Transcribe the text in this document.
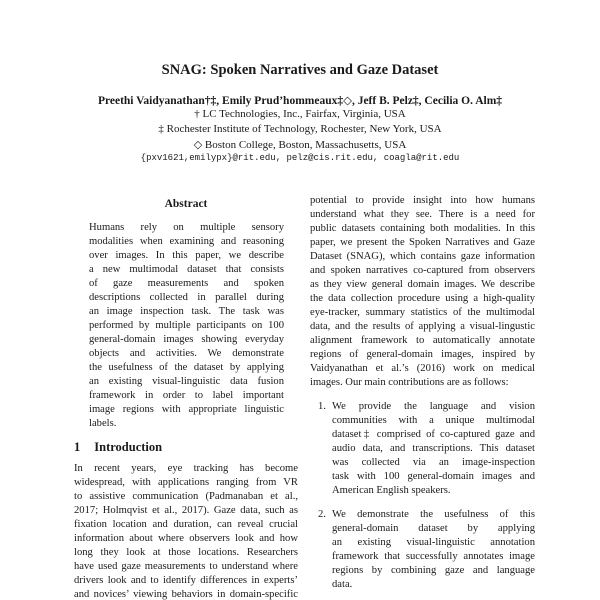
SNAG: Spoken Narratives and Gaze Dataset
Preethi Vaidyanathan†‡, Emily Prud’hommeaux‡◇, Jeff B. Pelz‡, Cecilia O. Alm‡
† LC Technologies, Inc., Fairfax, Virginia, USA
‡ Rochester Institute of Technology, Rochester, New York, USA
◇ Boston College, Boston, Massachusetts, USA
{pxv1621,emilypx}@rit.edu, pelz@cis.rit.edu, coagla@rit.edu
Abstract
Humans rely on multiple sensory
modalities when examining and reasoning
over images. In this paper, we describe
a new multimodal dataset that consists
of gaze measurements and spoken
descriptions collected in parallel during
an image inspection task. The task was
performed by multiple participants on 100
general-domain images showing everyday
objects and activities. We demonstrate
the usefulness of the dataset by applying
an existing visual-linguistic data fusion
framework in order to label important
image regions with appropriate linguistic
labels.
1 Introduction
In recent years, eye tracking has become
widespread, with applications ranging from VR
to assistive communication (Padmanaban et al.,
2017; Holmqvist et al., 2017). Gaze data, such as
fixation location and duration, can reveal crucial
information about where observers look and how
long they look at those locations. Researchers
have used gaze measurements to understand where
drivers look and to identify differences in experts’
and novices’ viewing behaviors in domain-specific
potential to provide insight into how humans
understand what they see. There is a need for
public datasets containing both modalities. In this
paper, we present the Spoken Narratives and Gaze
Dataset (SNAG), which contains gaze information
and spoken narratives co-captured from observers
as they view general domain images. We describe
the data collection procedure using a high-quality
eye-tracker, summary statistics of the multimodal
data, and the results of applying a visual-lingustic
alignment framework to automatically annotate
regions of general-domain images, inspired by
Vaidyanathan et al.’s (2016) work on medical
images. Our main contributions are as follows:
1. We provide the language and vision
communities with a unique multimodal
dataset‡ comprised of co-captured gaze and
audio data, and transcriptions. This dataset
was collected via an image-inspection
task with 100 general-domain images and
American English speakers.
2. We demonstrate the usefulness of this
general-domain dataset by applying
an existing visual-linguistic annotation
framework that successfully annotates image
regions by combining gaze and language
data.
